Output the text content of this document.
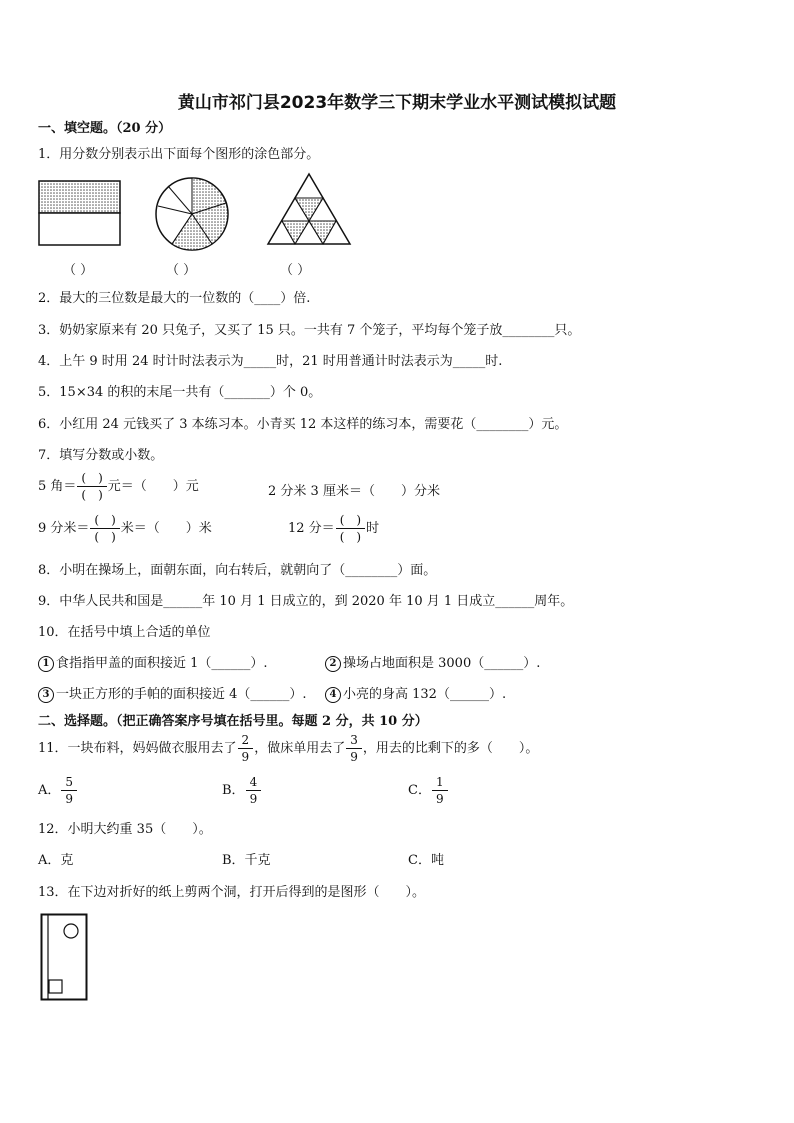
黄山市祁门县2023年数学三下期末学业水平测试模拟试题
一、填空题。（20 分）
1．用分数分别表示出下面每个图形的涂色部分。
（ ）	（ ）	（ ）
2．最大的三位数是最大的一位数的（____）倍.
3．奶奶家原来有 20 只兔子，又买了 15 只。一共有 7 个笼子，平均每个笼子放________只。
4．上午 9 时用 24 时计时法表示为_____时，21 时用普通计时法表示为_____时.
5．15×34 的积的末尾一共有（_______）个 0。
6．小红用 24 元钱买了 3 本练习本。小青买 12 本这样的练习本，需要花（________）元。
7．填写分数或小数。
5 角＝ $\frac{( )}{( )}$ 元＝（　　）元	2 分米 3 厘米＝（　　）分米
9 分米＝ $\frac{( )}{( )}$ 米＝（　　）米	12 分＝ $\frac{( )}{( )}$ 时
8．小明在操场上，面朝东面，向右转后，就朝向了（________）面。
9．中华人民共和国是______年 10 月 1 日成立的，到 2020 年 10 月 1 日成立______周年。
10．在括号中填上合适的单位
1 食指指甲盖的面积接近 1（______）.	2 操场占地面积是 3000（______）.
3 一块正方形的手帕的面积接近 4（______）.	4 小亮的身高 132（______）.
二、选择题。（把正确答案序号填在括号里。每题 2 分，共 10 分）
11．一块布料，妈妈做衣服用去了 $\frac{2}{9}$ ，做床单用去了 $\frac{3}{9}$ ，用去的比剩下的多（　　）。
A． $\frac{5}{9}$	B． $\frac{4}{9}$	C． $\frac{1}{9}$
12．小明大约重 35（　　）。
A．克	B．千克	C．吨
13．在下边对折好的纸上剪两个洞，打开后得到的是图形（　　）。
